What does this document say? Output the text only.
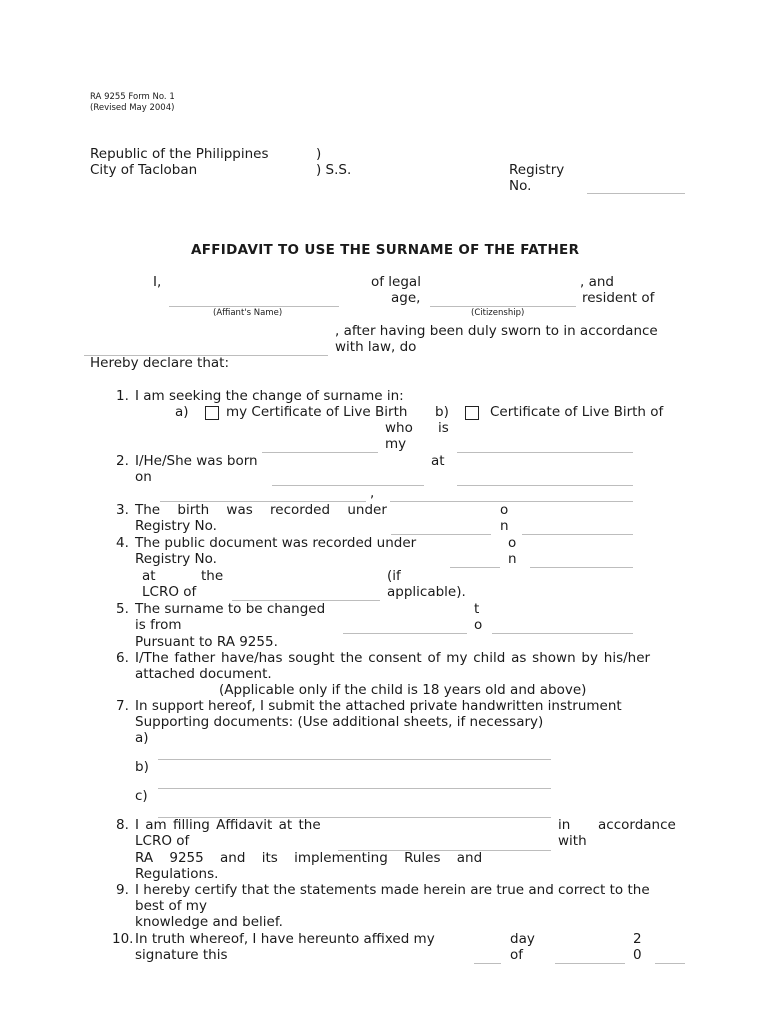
RA 9255 Form No. 1
(Revised May 2004)
Republic of the Philippines	)
City of Tacloban	) S.S.	Registry
No.
AFFIDAVIT TO USE THE SURNAME OF THE FATHER
I,	of legal	, and
age,	resident of
(Affiant's Name)	(Citizenship)
, after having been duly sworn to in accordance
with law, do
Hereby declare that:
1. I am seeking the change of surname in:
a)	my Certificate of Live Birth b)	Certificate of Live Birth of
who is
my
2. I/He/She was born	at
on
,
3. The birth was recorded under	o
Registry No.	n
4. The public document was recorded under	o
Registry No.	n
at	the	(if
LCRO of	applicable).
5. The surname to be changed	t
is from	o
Pursuant to RA 9255.
6. I/The father have/has sought the consent of my child as shown by his/her
attached document.
(Applicable only if the child is 18 years old and above)
7. In support hereof, I submit the attached private handwritten instrument
Supporting documents: (Use additional sheets, if necessary)
a)
b)
c)
8. I am filling Affidavit at the	in accordance
LCRO of	with
RA 9255 and its implementing Rules and
Regulations.
9. I hereby certify that the statements made herein are true and correct to the
best of my
knowledge and belief.
10. In truth whereof, I have hereunto affixed my	day	2
signature this	of	0
